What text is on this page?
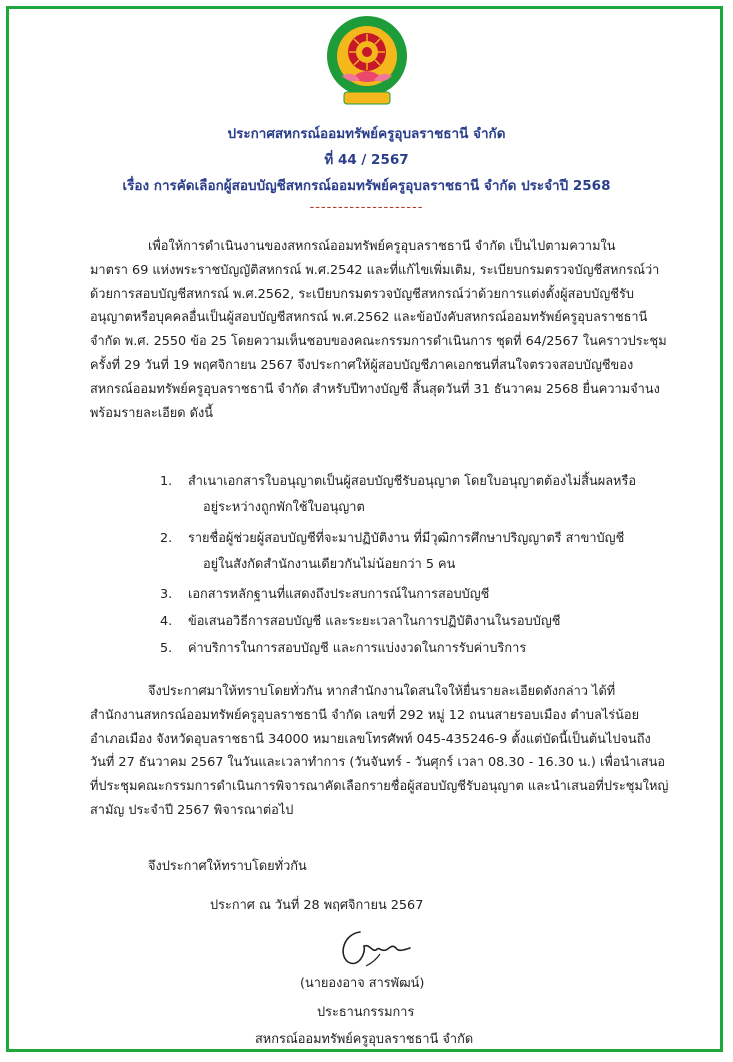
ประกาศสหกรณ์ออมทรัพย์ครูอุบลราชธานี จำกัด
ที่ 44 / 2567
เรื่อง การคัดเลือกผู้สอบบัญชีสหกรณ์ออมทรัพย์ครูอุบลราชธานี จำกัด ประจำปี 2568
--------------------
เพื่อให้การดำเนินงานของสหกรณ์ออมทรัพย์ครูอุบลราชธานี จำกัด เป็นไปตามความใน
มาตรา 69 แห่งพระราชบัญญัติสหกรณ์ พ.ศ.2542 และที่แก้ไขเพิ่มเติม, ระเบียบกรมตรวจบัญชีสหกรณ์ว่า
ด้วยการสอบบัญชีสหกรณ์ พ.ศ.2562, ระเบียบกรมตรวจบัญชีสหกรณ์ว่าด้วยการแต่งตั้งผู้สอบบัญชีรับ
อนุญาตหรือบุคคลอื่นเป็นผู้สอบบัญชีสหกรณ์ พ.ศ.2562 และข้อบังคับสหกรณ์ออมทรัพย์ครูอุบลราชธานี
จำกัด พ.ศ. 2550 ข้อ 25 โดยความเห็นชอบของคณะกรรมการดำเนินการ ชุดที่ 64/2567 ในคราวประชุม
ครั้งที่ 29 วันที่ 19 พฤศจิกายน 2567 จึงประกาศให้ผู้สอบบัญชีภาคเอกชนที่สนใจตรวจสอบบัญชีของ
สหกรณ์ออมทรัพย์ครูอุบลราชธานี จำกัด สำหรับปีทางบัญชี สิ้นสุดวันที่ 31 ธันวาคม 2568 ยื่นความจำนง
พร้อมรายละเอียด ดังนี้
1.	สำเนาเอกสารใบอนุญาตเป็นผู้สอบบัญชีรับอนุญาต โดยใบอนุญาตต้องไม่สิ้นผลหรือ
อยู่ระหว่างถูกพักใช้ใบอนุญาต
2.	รายชื่อผู้ช่วยผู้สอบบัญชีที่จะมาปฏิบัติงาน ที่มีวุฒิการศึกษาปริญญาตรี สาขาบัญชี
อยู่ในสังกัดสำนักงานเดียวกันไม่น้อยกว่า 5 คน
3.	เอกสารหลักฐานที่แสดงถึงประสบการณ์ในการสอบบัญชี
4.	ข้อเสนอวิธีการสอบบัญชี และระยะเวลาในการปฏิบัติงานในรอบบัญชี
5.	ค่าบริการในการสอบบัญชี และการแบ่งงวดในการรับค่าบริการ
จึงประกาศมาให้ทราบโดยทั่วกัน หากสำนักงานใดสนใจให้ยื่นรายละเอียดดังกล่าว ได้ที่
สำนักงานสหกรณ์ออมทรัพย์ครูอุบลราชธานี จำกัด เลขที่ 292 หมู่ 12 ถนนสายรอบเมือง ตำบลไร่น้อย
อำเภอเมือง จังหวัดอุบลราชธานี 34000 หมายเลขโทรศัพท์ 045-435246-9 ตั้งแต่บัดนี้เป็นต้นไปจนถึง
วันที่ 27 ธันวาคม 2567 ในวันและเวลาทำการ (วันจันทร์ - วันศุกร์ เวลา 08.30 - 16.30 น.) เพื่อนำเสนอ
ที่ประชุมคณะกรรมการดำเนินการพิจารณาคัดเลือกรายชื่อผู้สอบบัญชีรับอนุญาต และนำเสนอที่ประชุมใหญ่
สามัญ ประจำปี 2567 พิจารณาต่อไป
จึงประกาศให้ทราบโดยทั่วกัน
ประกาศ ณ วันที่ 28 พฤศจิกายน 2567
(นายองอาจ สารพัฒน์)
ประธานกรรมการ
สหกรณ์ออมทรัพย์ครูอุบลราชธานี จำกัด
